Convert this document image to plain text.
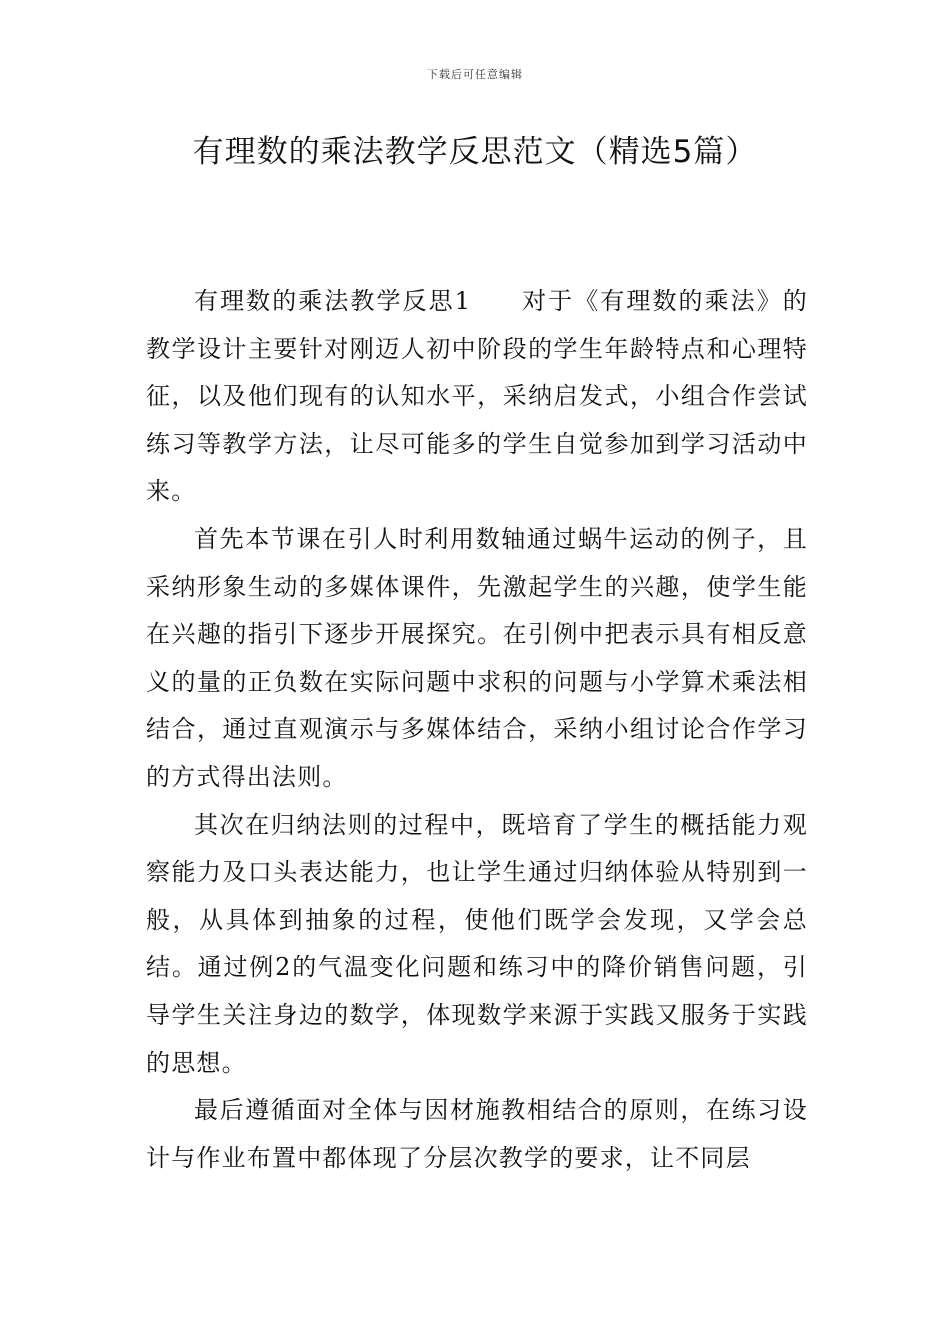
下载后可任意编辑
有理数的乘法教学反思范文（精选5篇）

有理数的乘法教学反思1 对于《有理数的乘法》的教学设计主要针对刚迈人初中阶段的学生年龄特点和心理特征，以及他们现有的认知水平，采纳启发式，小组合作尝试练习等教学方法，让尽可能多的学生自觉参加到学习活动中来。

首先本节课在引人时利用数轴通过蜗牛运动的例子，且采纳形象生动的多媒体课件，先激起学生的兴趣，使学生能在兴趣的指引下逐步开展探究。在引例中把表示具有相反意义的量的正负数在实际问题中求积的问题与小学算术乘法相结合，通过直观演示与多媒体结合，采纳小组讨论合作学习的方式得出法则。

其次在归纳法则的过程中，既培育了学生的概括能力观察能力及口头表达能力，也让学生通过归纳体验从特别到一般，从具体到抽象的过程，使他们既学会发现，又学会总结。通过例2的气温变化问题和练习中的降价销售问题，引导学生关注身边的数学，体现数学来源于实践又服务于实践的思想。

最后遵循面对全体与因材施教相结合的原则，在练习设计与作业布置中都体现了分层次教学的要求，让不同层
